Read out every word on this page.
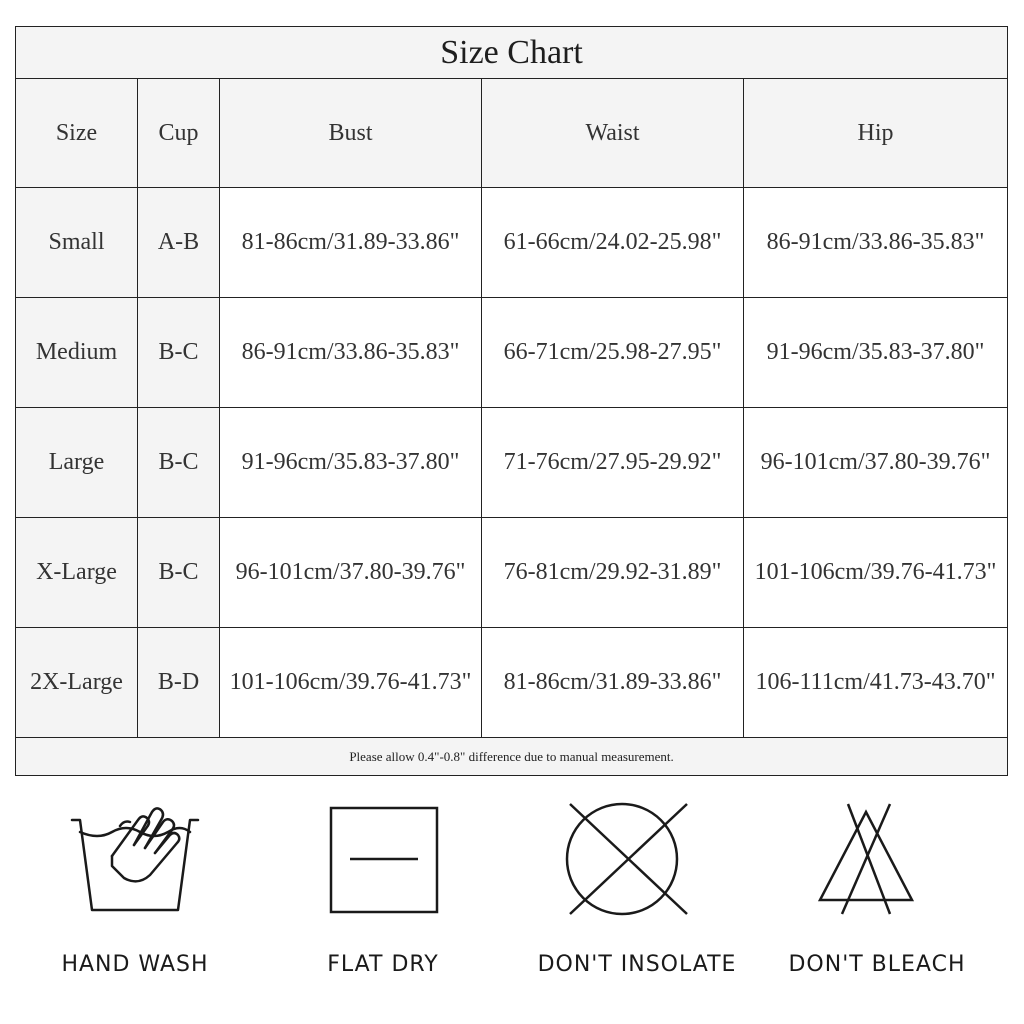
Size Chart				
Size	Cup	Bust	Waist	Hip
Small	A-B	81-86cm/31.89-33.86"	61-66cm/24.02-25.98"	86-91cm/33.86-35.83"
Medium	B-C	86-91cm/33.86-35.83"	66-71cm/25.98-27.95"	91-96cm/35.83-37.80"
Large	B-C	91-96cm/35.83-37.80"	71-76cm/27.95-29.92"	96-101cm/37.80-39.76"
X-Large	B-C	96-101cm/37.80-39.76"	76-81cm/29.92-31.89"	101-106cm/39.76-41.73"
2X-Large	B-D	101-106cm/39.76-41.73"	81-86cm/31.89-33.86"	106-111cm/41.73-43.70"
Please allow 0.4"-0.8" difference due to manual measurement.				
HAND WASH	FLAT DRY	DON'T INSOLATE	DON'T BLEACH
